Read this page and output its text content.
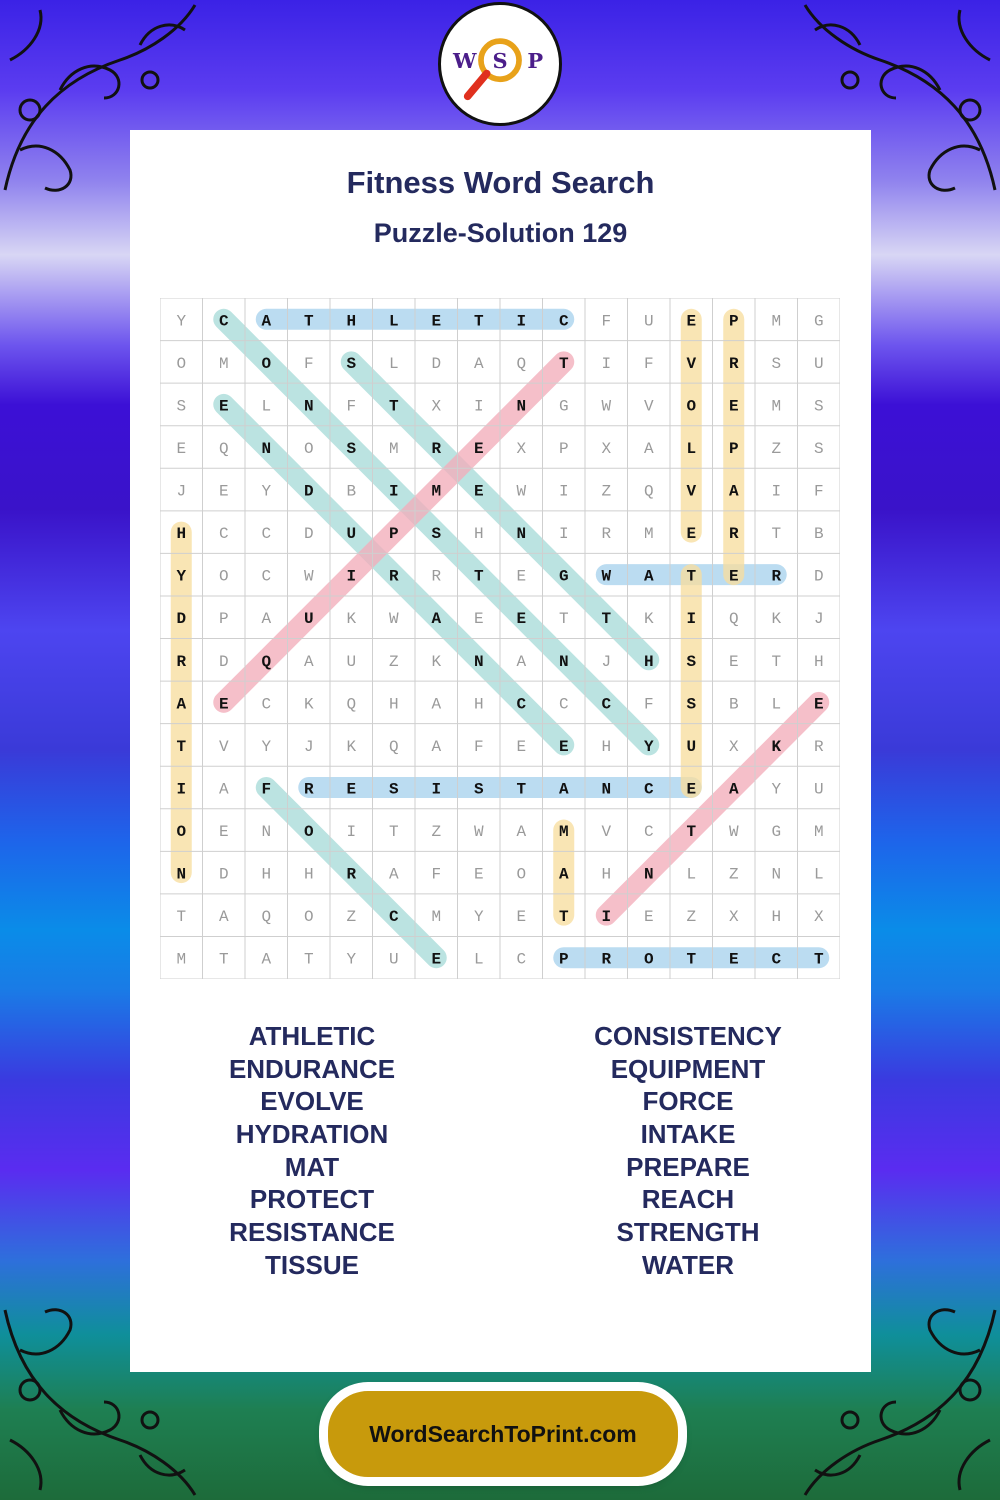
W S P
Fitness Word Search
Puzzle-Solution 129
Y C A T H L E T I C F U E P M G
O M O F S L D A Q T I F V R S U
S E L N F T X I N G W V O E M S
E Q N O S M R E X P X A L P Z S
J E Y D B I M E W I Z Q V A I F
H C C D U P S H N I R M E R T B
Y O C W I R R T E G W A T E R D
D P A U K W A E E T T K I Q K J
R D Q A U Z K N A N J H S E T H
A E C K Q H A H C C C F S B L E
T V Y J K Q A F E E H Y U X K R
I A F R E S I S T A N C E A Y U
O E N O I T Z W A M V C T W G M
N D H H R A F E O A H N L Z N L
T A Q O Z C M Y E T I E Z X H X
M T A T Y U E L C P R O T E C T
ATHLETIC
ENDURANCE
EVOLVE
HYDRATION
MAT
PROTECT
RESISTANCE
TISSUE
CONSISTENCY
EQUIPMENT
FORCE
INTAKE
PREPARE
REACH
STRENGTH
WATER
WordSearchToPrint.com
